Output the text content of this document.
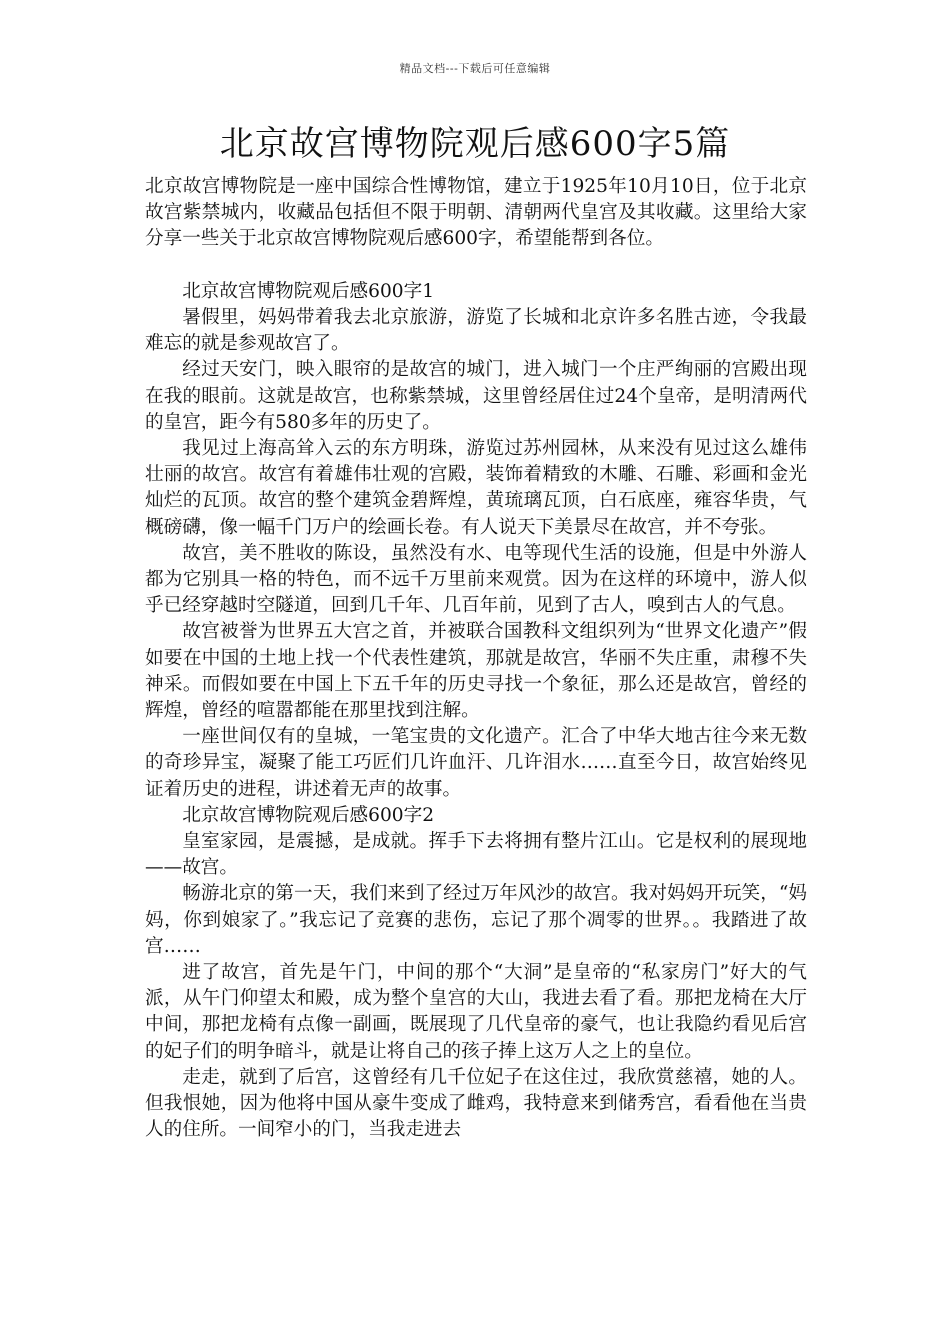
精品文档---下载后可任意编辑
北京故宫博物院观后感600字5篇

北京故宫博物院是一座中国综合性博物馆，建立于1925年10月10日，位于北京故宫紫禁城内，收藏品包括但不限于明朝、清朝两代皇宫及其收藏。这里给大家分享一些关于北京故宫博物院观后感600字，希望能帮到各位。

北京故宫博物院观后感600字1

暑假里，妈妈带着我去北京旅游，游览了长城和北京许多名胜古迹，令我最难忘的就是参观故宫了。

经过天安门，映入眼帘的是故宫的城门，进入城门一个庄严绚丽的宫殿出现在我的眼前。这就是故宫，也称紫禁城，这里曾经居住过24个皇帝，是明清两代的皇宫，距今有580多年的历史了。

我见过上海高耸入云的东方明珠，游览过苏州园林，从来没有见过这么雄伟壮丽的故宫。故宫有着雄伟壮观的宫殿，装饰着精致的木雕、石雕、彩画和金光灿烂的瓦顶。故宫的整个建筑金碧辉煌，黄琉璃瓦顶，白石底座，雍容华贵，气概磅礴，像一幅千门万户的绘画长卷。有人说天下美景尽在故宫，并不夸张。

故宫，美不胜收的陈设，虽然没有水、电等现代生活的设施，但是中外游人都为它别具一格的特色，而不远千万里前来观赏。因为在这样的环境中，游人似乎已经穿越时空隧道，回到几千年、几百年前，见到了古人，嗅到古人的气息。

故宫被誉为世界五大宫之首，并被联合国教科文组织列为“世界文化遗产”假如要在中国的土地上找一个代表性建筑，那就是故宫，华丽不失庄重，肃穆不失神采。而假如要在中国上下五千年的历史寻找一个象征，那么还是故宫，曾经的辉煌，曾经的喧嚣都能在那里找到注解。

一座世间仅有的皇城，一笔宝贵的文化遗产。汇合了中华大地古往今来无数的奇珍异宝，凝聚了能工巧匠们几许血汗、几许泪水……直至今日，故宫始终见证着历史的进程，讲述着无声的故事。

北京故宫博物院观后感600字2

皇室家园，是震撼，是成就。挥手下去将拥有整片江山。它是权利的展现地——故宫。

畅游北京的第一天，我们来到了经过万年风沙的故宫。我对妈妈开玩笑，“妈妈，你到娘家了。”我忘记了竞赛的悲伤，忘记了那个凋零的世界。。我踏进了故宫……

进了故宫，首先是午门，中间的那个“大洞”是皇帝的“私家房门”好大的气派，从午门仰望太和殿，成为整个皇宫的大山，我进去看了看。那把龙椅在大厅中间，那把龙椅有点像一副画，既展现了几代皇帝的豪气，也让我隐约看见后宫的妃子们的明争暗斗，就是让将自己的孩子捧上这万人之上的皇位。

走走，就到了后宫，这曾经有几千位妃子在这住过，我欣赏慈禧，她的人。但我恨她，因为他将中国从豪牛变成了雌鸡，我特意来到储秀宫，看看他在当贵人的住所。一间窄小的门，当我走进去
